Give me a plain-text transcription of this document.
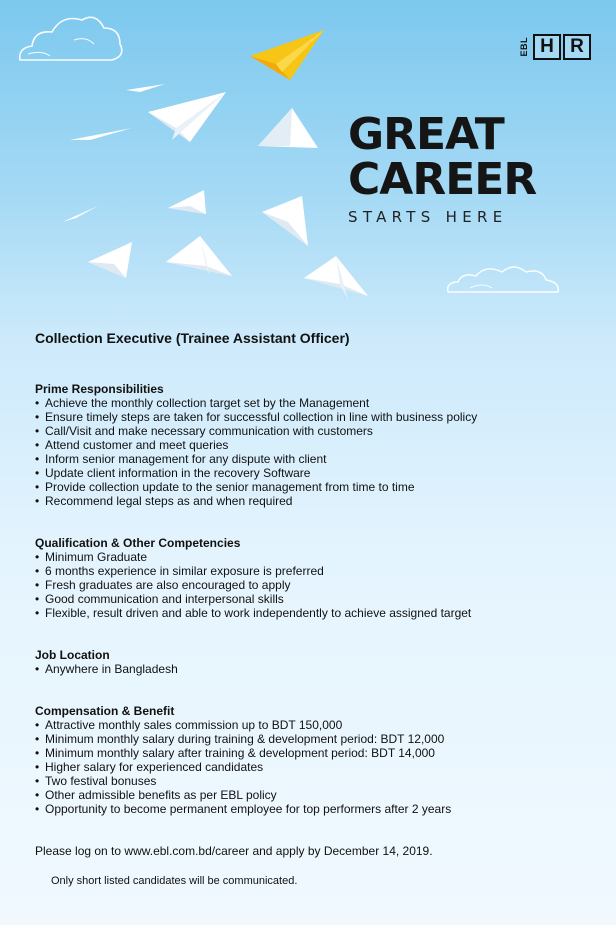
EBL H R
GREAT
CAREER
STARTS HERE
Collection Executive (Trainee Assistant Officer)
Prime Responsibilities
• Achieve the monthly collection target set by the Management
• Ensure timely steps are taken for successful collection in line with business policy
• Call/Visit and make necessary communication with customers
• Attend customer and meet queries
• Inform senior management for any dispute with client
• Update client information in the recovery Software
• Provide collection update to the senior management from time to time
• Recommend legal steps as and when required
Qualification & Other Competencies
• Minimum Graduate
• 6 months experience in similar exposure is preferred
• Fresh graduates are also encouraged to apply
• Good communication and interpersonal skills
• Flexible, result driven and able to work independently to achieve assigned target
Job Location
• Anywhere in Bangladesh
Compensation & Benefit
• Attractive monthly sales commission up to BDT 150,000
• Minimum monthly salary during training & development period: BDT 12,000
• Minimum monthly salary after training & development period: BDT 14,000
• Higher salary for experienced candidates
• Two festival bonuses
• Other admissible benefits as per EBL policy
• Opportunity to become permanent employee for top performers after 2 years
Please log on to www.ebl.com.bd/career and apply by December 14, 2019.
Only short listed candidates will be communicated.
